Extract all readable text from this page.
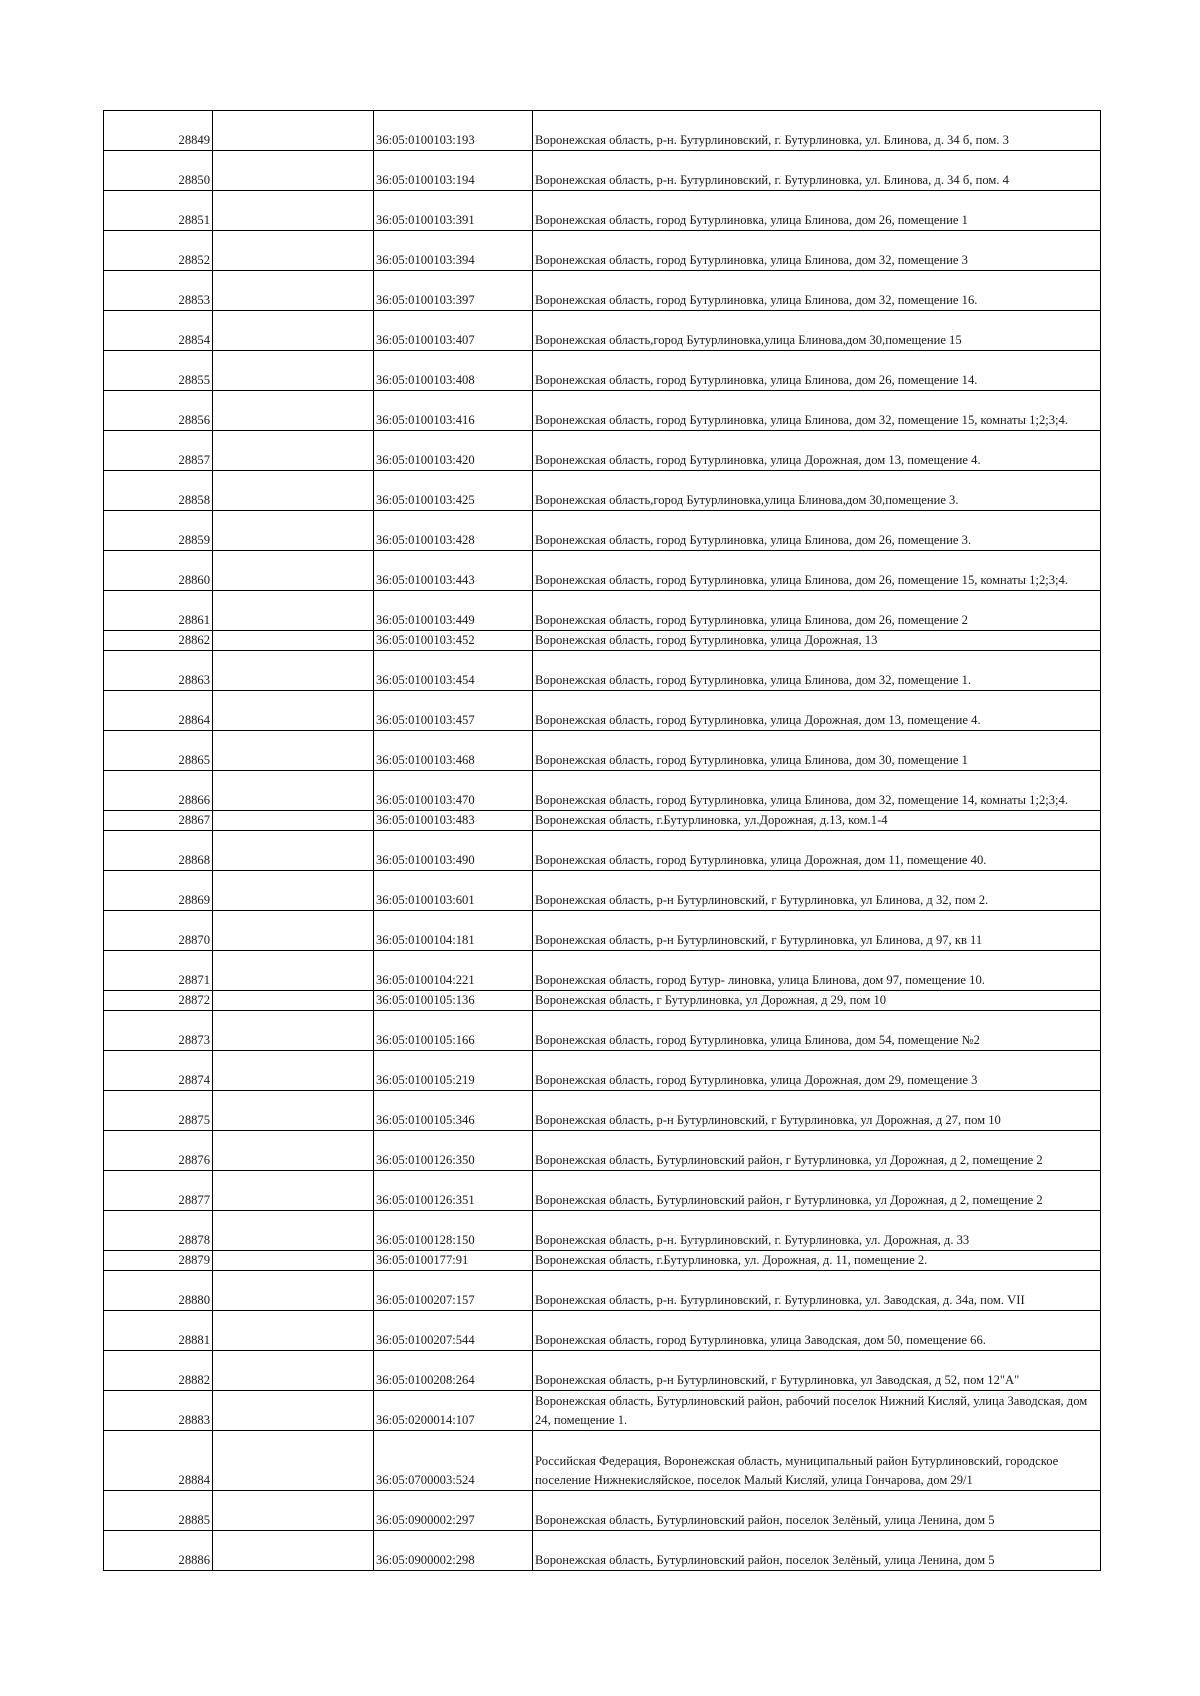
28849		36:05:0100103:193	Воронежская область, р-н. Бутурлиновский, г. Бутурлиновка, ул. Блинова, д. 34 б, пом. 3
28850		36:05:0100103:194	Воронежская область, р-н. Бутурлиновский, г. Бутурлиновка, ул. Блинова, д. 34 б, пом. 4
28851		36:05:0100103:391	Воронежская область, город Бутурлиновка, улица Блинова, дом 26, помещение 1
28852		36:05:0100103:394	Воронежская область, город Бутурлиновка, улица Блинова, дом 32, помещение 3
28853		36:05:0100103:397	Воронежская область, город Бутурлиновка, улица Блинова, дом 32, помещение 16.
28854		36:05:0100103:407	Воронежская область,город Бутурлиновка,улица Блинова,дом 30,помещение 15
28855		36:05:0100103:408	Воронежская область, город Бутурлиновка, улица Блинова, дом 26, помещение 14.
28856		36:05:0100103:416	Воронежская область, город Бутурлиновка, улица Блинова, дом 32, помещение 15, комнаты 1;2;3;4.
28857		36:05:0100103:420	Воронежская область, город Бутурлиновка, улица Дорожная, дом 13, помещение 4.
28858		36:05:0100103:425	Воронежская область,город Бутурлиновка,улица Блинова,дом 30,помещение 3.
28859		36:05:0100103:428	Воронежская область, город Бутурлиновка, улица Блинова, дом 26, помещение 3.
28860		36:05:0100103:443	Воронежская область, город Бутурлиновка, улица Блинова, дом 26, помещение 15, комнаты 1;2;3;4.
28861		36:05:0100103:449	Воронежская область, город Бутурлиновка, улица Блинова, дом 26, помещение 2
28862		36:05:0100103:452	Воронежская область, город Бутурлиновка, улица Дорожная, 13
28863		36:05:0100103:454	Воронежская область, город Бутурлиновка, улица Блинова, дом 32, помещение 1.
28864		36:05:0100103:457	Воронежская область, город Бутурлиновка, улица Дорожная, дом 13, помещение 4.
28865		36:05:0100103:468	Воронежская область, город Бутурлиновка, улица Блинова, дом 30, помещение 1
28866		36:05:0100103:470	Воронежская область, город Бутурлиновка, улица Блинова, дом 32, помещение 14, комнаты 1;2;3;4.
28867		36:05:0100103:483	Воронежская область, г.Бутурлиновка, ул.Дорожная, д.13, ком.1-4
28868		36:05:0100103:490	Воронежская область, город Бутурлиновка, улица Дорожная, дом 11, помещение 40.
28869		36:05:0100103:601	Воронежская область, р-н Бутурлиновский, г Бутурлиновка, ул Блинова, д 32, пом 2.
28870		36:05:0100104:181	Воронежская область, р-н Бутурлиновский, г Бутурлиновка, ул Блинова, д 97, кв 11
28871		36:05:0100104:221	Воронежская область, город Бутур- линовка, улица Блинова, дом 97, помещение 10.
28872		36:05:0100105:136	Воронежская область, г Бутурлиновка, ул Дорожная, д 29, пом 10
28873		36:05:0100105:166	Воронежская область, город Бутурлиновка, улица Блинова, дом 54, помещение №2
28874		36:05:0100105:219	Воронежская область, город Бутурлиновка, улица Дорожная, дом 29, помещение 3
28875		36:05:0100105:346	Воронежская область, р-н Бутурлиновский, г Бутурлиновка, ул Дорожная, д 27, пом 10
28876		36:05:0100126:350	Воронежская область, Бутурлиновский район, г Бутурлиновка, ул Дорожная, д 2, помещение 2
28877		36:05:0100126:351	Воронежская область, Бутурлиновский район, г Бутурлиновка, ул Дорожная, д 2, помещение 2
28878		36:05:0100128:150	Воронежская область, р-н. Бутурлиновский, г. Бутурлиновка, ул. Дорожная, д. 33
28879		36:05:0100177:91	Воронежская область, г.Бутурлиновка, ул. Дорожная, д. 11, помещение 2.
28880		36:05:0100207:157	Воронежская область, р-н. Бутурлиновский, г. Бутурлиновка, ул. Заводская, д. 34а, пом. VII
28881		36:05:0100207:544	Воронежская область, город Бутурлиновка, улица Заводская, дом 50, помещение 66.
28882		36:05:0100208:264	Воронежская область, р-н Бутурлиновский, г Бутурлиновка, ул Заводская, д 52, пом 12"А"
28883		36:05:0200014:107	Воронежская область, Бутурлиновский район, рабочий поселок Нижний Кисляй, улица Заводская, дом 24, помещение 1.
28884		36:05:0700003:524	Российская Федерация, Воронежская область, муниципальный район Бутурлиновский, городское поселение Нижнекисляйское, поселок Малый Кисляй, улица Гончарова, дом 29/1
28885		36:05:0900002:297	Воронежская область, Бутурлиновский район, поселок Зелёный, улица Ленина, дом 5
28886		36:05:0900002:298	Воронежская область, Бутурлиновский район, поселок Зелёный, улица Ленина, дом 5
